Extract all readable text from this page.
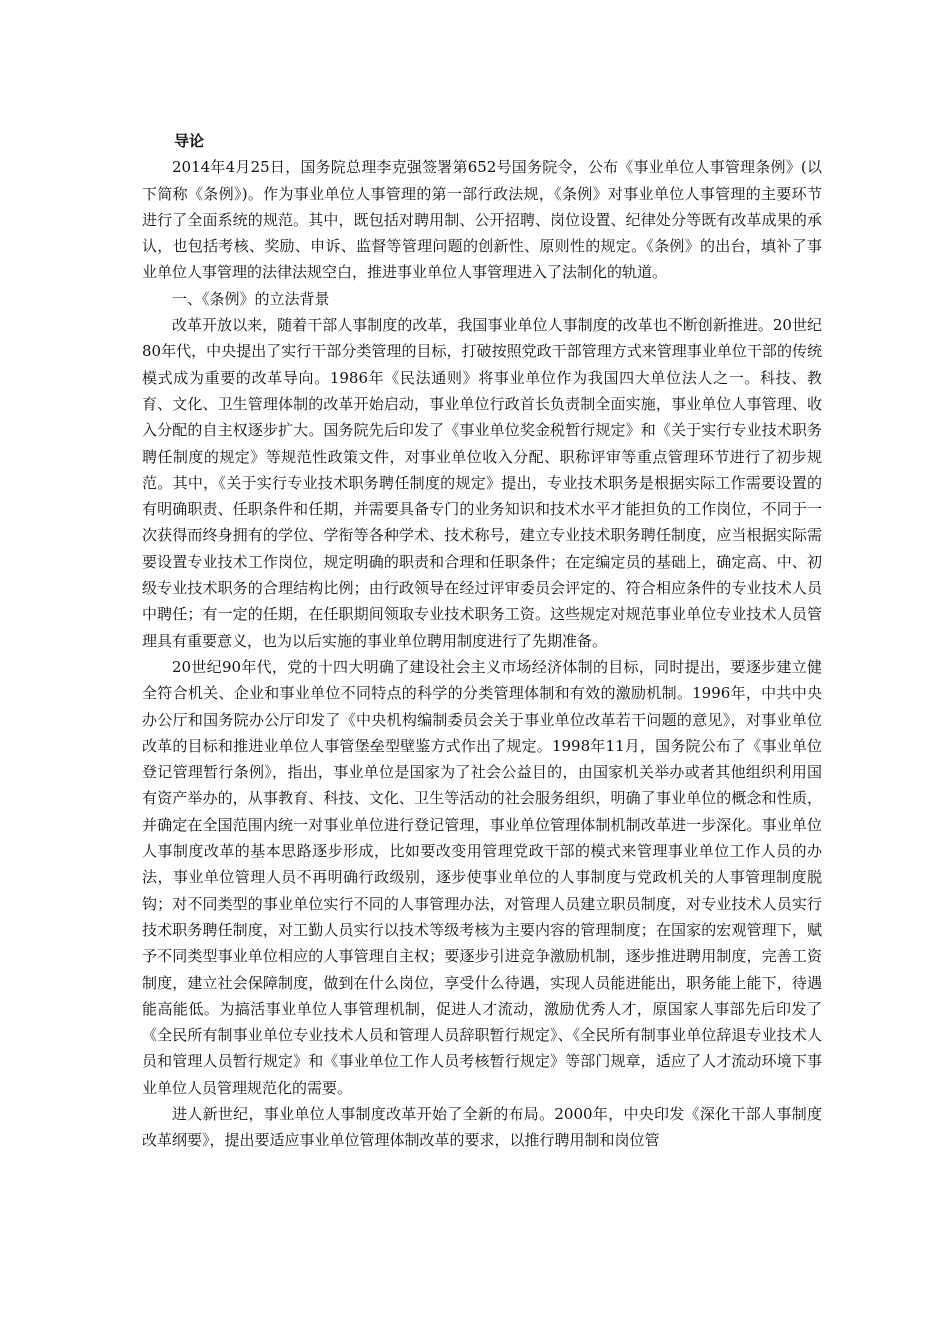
导论

2014年4月25日，国务院总理李克强签署第652号国务院令，公布《事业单位人事管理条例》(以下简称《条例》)。作为事业单位人事管理的第一部行政法规，《条例》对事业单位人事管理的主要环节进行了全面系统的规范。其中，既包括对聘用制、公开招聘、岗位设置、纪律处分等既有改革成果的承认，也包括考核、奖励、申诉、监督等管理问题的创新性、原则性的规定。《条例》的出台，填补了事业单位人事管理的法律法规空白，推进事业单位人事管理进入了法制化的轨道。

一、《条例》的立法背景

改革开放以来，随着干部人事制度的改革，我国事业单位人事制度的改革也不断创新推进。20世纪80年代，中央提出了实行干部分类管理的目标，打破按照党政干部管理方式来管理事业单位干部的传统模式成为重要的改革导向。1986年《民法通则》将事业单位作为我国四大单位法人之一。科技、教育、文化、卫生管理体制的改革开始启动，事业单位行政首长负责制全面实施，事业单位人事管理、收入分配的自主权逐步扩大。国务院先后印发了《事业单位奖金税暂行规定》和《关于实行专业技术职务聘任制度的规定》等规范性政策文件，对事业单位收入分配、职称评审等重点管理环节进行了初步规范。其中，《关于实行专业技术职务聘任制度的规定》提出，专业技术职务是根据实际工作需要设置的有明确职责、任职条件和任期，并需要具备专门的业务知识和技术水平才能担负的工作岗位，不同于一次获得而终身拥有的学位、学衔等各种学术、技术称号，建立专业技术职务聘任制度，应当根据实际需要设置专业技术工作岗位，规定明确的职责和合理和任职条件；在定编定员的基础上，确定高、中、初级专业技术职务的合理结构比例；由行政领导在经过评审委员会评定的、符合相应条件的专业技术人员中聘任；有一定的任期，在任职期间领取专业技术职务工资。这些规定对规范事业单位专业技术人员管理具有重要意义，也为以后实施的事业单位聘用制度进行了先期准备。

20世纪90年代，党的十四大明确了建设社会主义市场经济体制的目标，同时提出，要逐步建立健全符合机关、企业和事业单位不同特点的科学的分类管理体制和有效的激励机制。1996年，中共中央办公厅和国务院办公厅印发了《中央机构编制委员会关于事业单位改革若干问题的意见》，对事业单位改革的目标和推进业单位人事管堡垒型壁鉴方式作出了规定。1998年11月，国务院公布了《事业单位登记管理暂行条例》，指出，事业单位是国家为了社会公益目的，由国家机关举办或者其他组织利用国有资产举办的，从事教育、科技、文化、卫生等活动的社会服务组织，明确了事业单位的概念和性质，并确定在全国范围内统一对事业单位进行登记管理，事业单位管理体制机制改革进一步深化。事业单位人事制度改革的基本思路逐步形成，比如要改变用管理党政干部的模式来管理事业单位工作人员的办法，事业单位管理人员不再明确行政级别，逐步使事业单位的人事制度与党政机关的人事管理制度脱钩；对不同类型的事业单位实行不同的人事管理办法，对管理人员建立职员制度，对专业技术人员实行技术职务聘任制度，对工勤人员实行以技术等级考核为主要内容的管理制度；在国家的宏观管理下，赋予不同类型事业单位相应的人事管理自主权；要逐步引进竞争激励机制，逐步推进聘用制度，完善工资制度，建立社会保障制度，做到在什么岗位，享受什么待遇，实现人员能进能出，职务能上能下，待遇能高能低。为搞活事业单位人事管理机制，促进人才流动，激励优秀人才，原国家人事部先后印发了《全民所有制事业单位专业技术人员和管理人员辞职暂行规定》、《全民所有制事业单位辞退专业技术人员和管理人员暂行规定》和《事业单位工作人员考核暂行规定》等部门规章，适应了人才流动环境下事业单位人员管理规范化的需要。

进人新世纪，事业单位人事制度改革开始了全新的布局。2000年，中央印发《深化干部人事制度改革纲要》，提出要适应事业单位管理体制改革的要求，以推行聘用制和岗位管
